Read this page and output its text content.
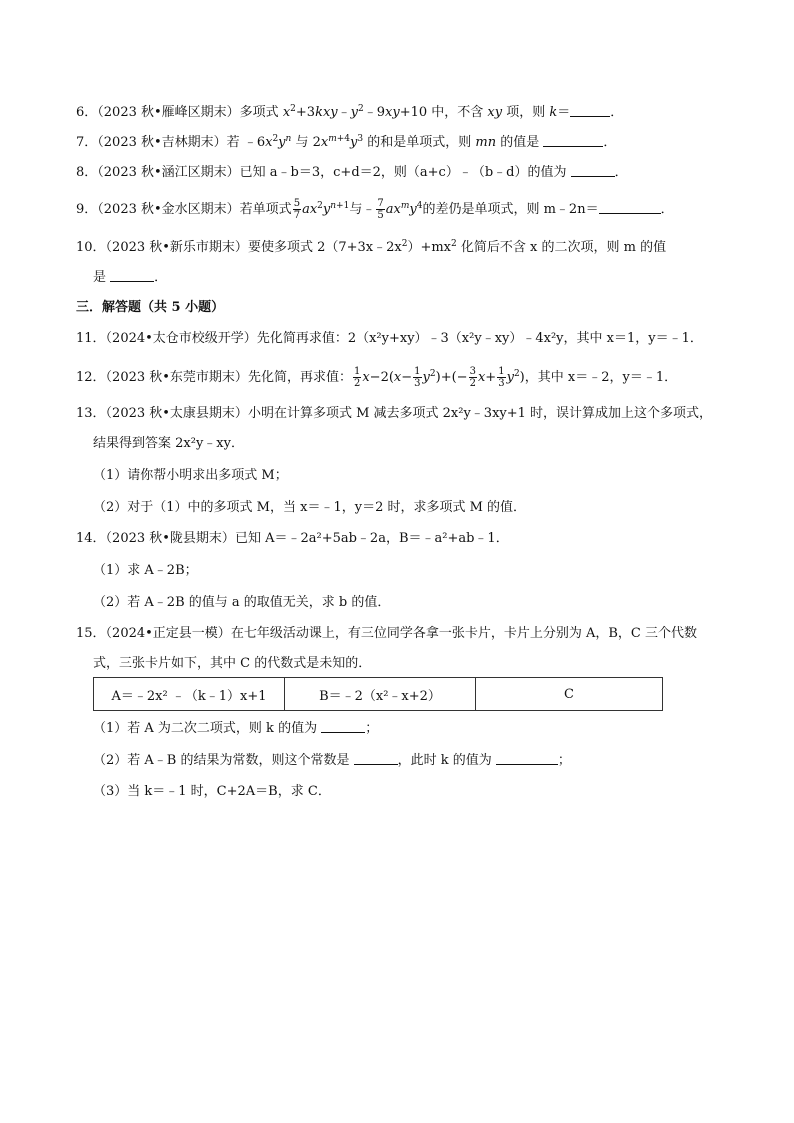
6．（2023 秋•雁峰区期末）多项式 $x^2+3kxy﹣y^2﹣9xy+10$ 中，不含 xy 项，则 k＝	．
7．（2023 秋•吉林期末）若 $﹣6x^2y^n$ 与 $2x^{m+4}y^3$ 的和是单项式，则 mn 的值是	．
8．（2023 秋•涵江区期末）已知 a﹣b＝3，c+d＝2，则（a+c）﹣（b﹣d）的值为	．
9．（2023 秋•金水区期末）若单项式 $\frac{5}{7} ax^2y^{n+1}$与﹣ $\frac{7}{5} ax^my^4$的差仍是单项式，则 m﹣2n＝	．
10．（2023 秋•新乐市期末）要使多项式 $2(7+3x﹣2x^2)+mx^2$ 化简后不含 x 的二次项，则 m 的值
是	．
三．解答题（共 5 小题）
11．（2024•太仓市校级开学）先化简再求值：2（x²y+xy）﹣3（x²y﹣xy）﹣4x²y，其中 x＝1，y＝﹣1．
12．（2023 秋•东莞市期末）先化简，再求值： $\frac{1}{2} x-2(x- \frac{1}{3} y^2)+(- \frac{3}{2} x+ \frac{1}{3} y^2)$，其中 x＝﹣2，y＝﹣1．
13．（2023 秋•太康县期末）小明在计算多项式 M 减去多项式 2x²y﹣3xy+1 时，误计算成加上这个多项式，
结果得到答案 2x²y﹣xy．
（1）请你帮小明求出多项式 M；
（2）对于（1）中的多项式 M，当 x＝﹣1，y＝2 时，求多项式 M 的值．
14．（2023 秋•陇县期末）已知 A＝﹣2a²+5ab﹣2a，B＝﹣a²+ab﹣1．
（1）求 A﹣2B；
（2）若 A﹣2B 的值与 a 的取值无关，求 b 的值．
15．（2024•正定县一模）在七年级活动课上，有三位同学各拿一张卡片，卡片上分别为 A，B，C 三个代数
式，三张卡片如下，其中 C 的代数式是未知的．
A＝﹣2x² ﹣（k﹣1）x+1	B＝﹣2（x²﹣x+2）	C
（1）若 A 为二次二项式，则 k 的值为	；
（2）若 A﹣B 的结果为常数，则这个常数是	，此时 k 的值为	；
（3）当 k＝﹣1 时，C+2A＝B，求 C．
